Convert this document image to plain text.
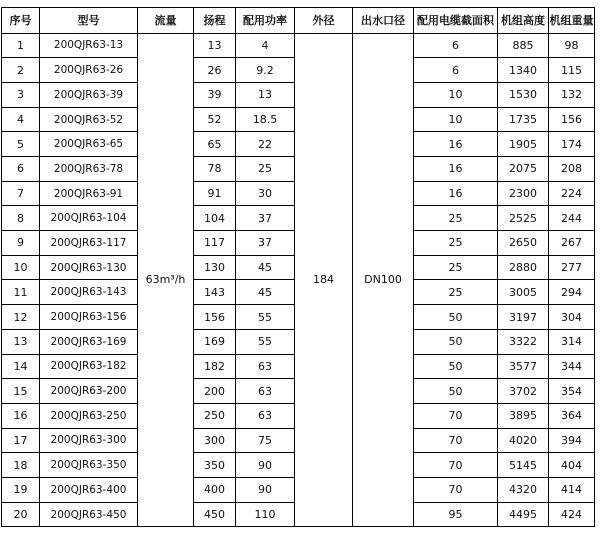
序号	型号	流量	扬程	配用功率	外径	出水口径	配用电缆截面积	机组高度	机组重量
1	200QJR63-13	63m³/h	13	4	184	DN100	6	885	98
2	200QJR63-26		26	9.2			6	1340	115
3	200QJR63-39		39	13			10	1530	132
4	200QJR63-52		52	18.5			10	1735	156
5	200QJR63-65		65	22			16	1905	174
6	200QJR63-78		78	25			16	2075	208
7	200QJR63-91		91	30			16	2300	224
8	200QJR63-104		104	37			25	2525	244
9	200QJR63-117		117	37			25	2650	267
10	200QJR63-130		130	45			25	2880	277
11	200QJR63-143		143	45			25	3005	294
12	200QJR63-156		156	55			50	3197	304
13	200QJR63-169		169	55			50	3322	314
14	200QJR63-182		182	63			50	3577	344
15	200QJR63-200		200	63			50	3702	354
16	200QJR63-250		250	63			70	3895	364
17	200QJR63-300		300	75			70	4020	394
18	200QJR63-350		350	90			70	5145	404
19	200QJR63-400		400	90			70	4320	414
20	200QJR63-450		450	110			95	4495	424
